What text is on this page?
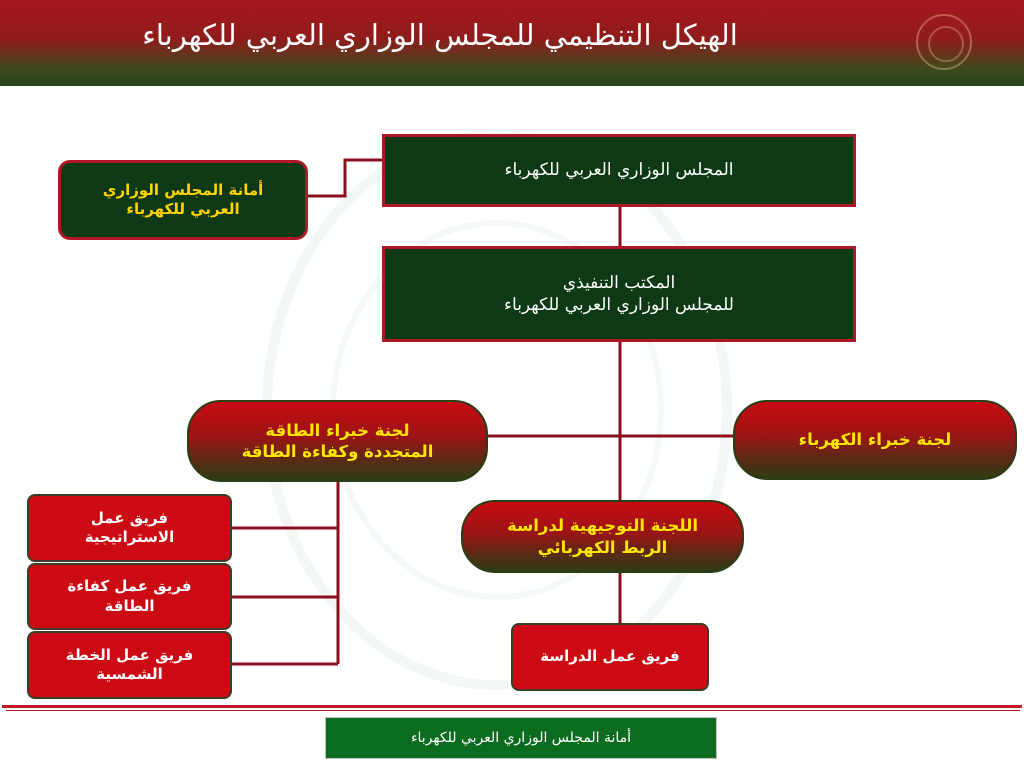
الهيكل التنظيمي للمجلس الوزاري العربي للكهرباء
المجلس الوزاري العربي للكهرباء
أمانة المجلس الوزاري
العربي للكهرباء
المكتب التنفيذي
للمجلس الوزاري العربي للكهرباء
لجنة خبراء الطاقة
المتجددة وكفاءة الطاقة
لجنة خبراء الكهرباء
اللجنة التوجيهية لدراسة
الربط الكهربائي
فريق عمل الدراسة
فريق عمل
الاستراتيجية
فريق عمل كفاءة
الطاقة
فريق عمل الخطة
الشمسية
أمانة المجلس الوزاري العربي للكهرباء
